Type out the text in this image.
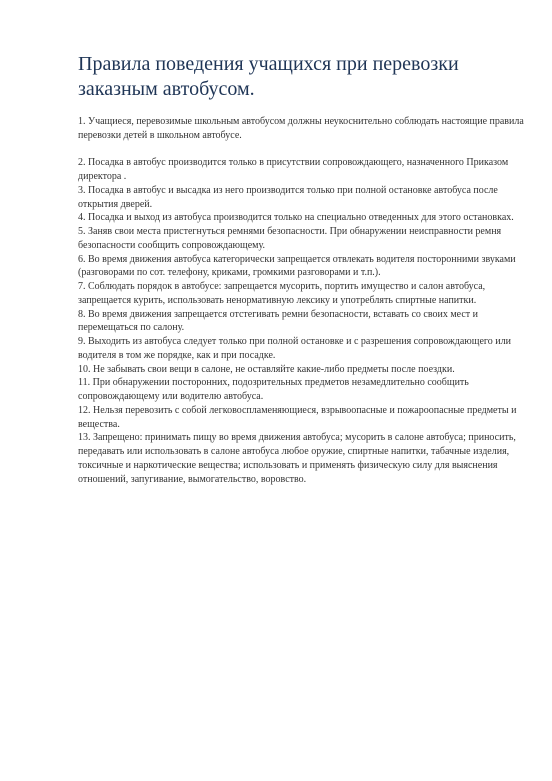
Правила поведения учащихся при перевозки заказным автобусом.

1. Учащиеся, перевозимые школьным автобусом должны неукоснительно соблюдать настоящие правила перевозки детей в школьном автобусе.

2. Посадка в автобус производится только в присутствии сопровождающего, назначенного Приказом директора .

3. Посадка в автобус и высадка из него производится только при полной остановке автобуса после открытия дверей.

4. Посадка и выход из автобуса производится только на специально отведенных для этого остановках.

5. Заняв свои места пристегнуться ремнями безопасности. При обнаружении неисправности ремня безопасности сообщить сопровождающему.

6. Во время движения автобуса категорически запрещается отвлекать водителя посторонними звуками (разговорами по сот. телефону, криками, громкими разговорами и т.п.).

7. Соблюдать порядок в автобусе: запрещается мусорить, портить имущество и салон автобуса, запрещается курить, использовать ненормативную лексику и употреблять спиртные напитки.

8. Во время движения запрещается отстегивать ремни безопасности, вставать со своих мест и перемещаться по салону.

9. Выходить из автобуса следует только при полной остановке и с разрешения сопровождающего или водителя в том же порядке, как и при посадке.

10. Не забывать свои вещи в салоне, не оставляйте какие-либо предметы после поездки.

11. При обнаружении посторонних, подозрительных предметов незамедлительно сообщить сопровождающему или водителю автобуса.

12. Нельзя перевозить с собой легковоспламеняющиеся, взрывоопасные и пожароопасные предметы и вещества.

13. Запрещено: принимать пищу во время движения автобуса; мусорить в салоне автобуса; приносить, передавать или использовать в салоне автобуса любое оружие, спиртные напитки, табачные изделия, токсичные и наркотические вещества; использовать и применять физическую силу для выяснения отношений, запугивание, вымогательство, воровство.
